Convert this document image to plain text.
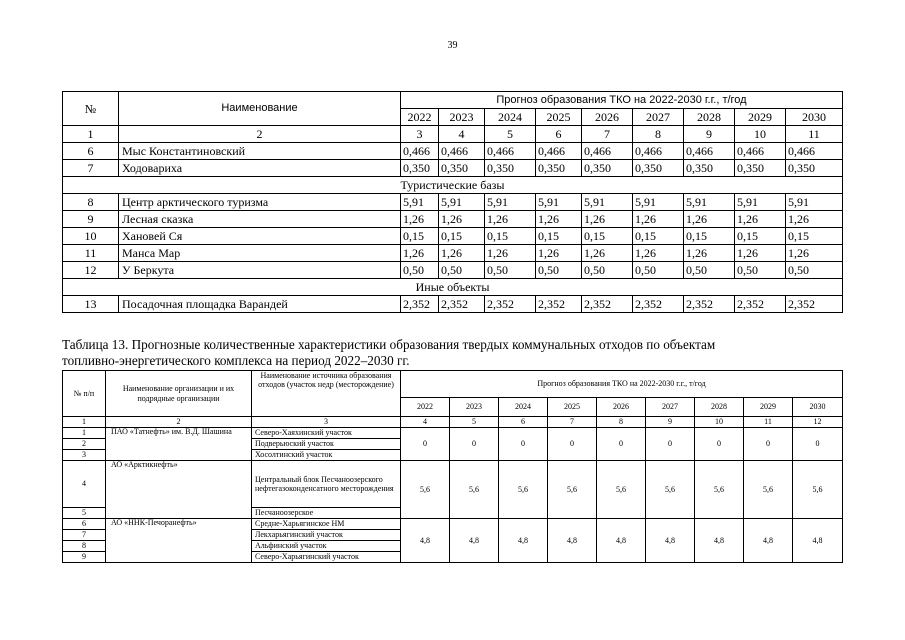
39
№	Наименование	Прогноз образования ТКО на 2022-2030 г.г., т/год								
		2022	2023	2024	2025	2026	2027	2028	2029	2030
1	2	3	4	5	6	7	8	9	10	11
6	Мыс Константиновский	0,466	0,466	0,466	0,466	0,466	0,466	0,466	0,466	0,466
7	Ходовариха	0,350	0,350	0,350	0,350	0,350	0,350	0,350	0,350	0,350
Туристические базы										
8	Центр арктического туризма	5,91	5,91	5,91	5,91	5,91	5,91	5,91	5,91	5,91
9	Лесная сказка	1,26	1,26	1,26	1,26	1,26	1,26	1,26	1,26	1,26
10	Хановей Ся	0,15	0,15	0,15	0,15	0,15	0,15	0,15	0,15	0,15
11	Манса Мар	1,26	1,26	1,26	1,26	1,26	1,26	1,26	1,26	1,26
12	У Беркута	0,50	0,50	0,50	0,50	0,50	0,50	0,50	0,50	0,50
Иные объекты										
13	Посадочная площадка Варандей	2,352	2,352	2,352	2,352	2,352	2,352	2,352	2,352	2,352
Таблица 13. Прогнозные количественные характеристики образования твердых коммунальных отходов по объектам
топливно-энергетического комплекса на период 2022–2030 гг.
№ п/п	Наименование организации и их подрядные организации	Наименование источника образования отходов (участок недр (месторождение)	Прогноз образования ТКО на 2022-2030 г.г., т/год								
			2022	2023	2024	2025	2026	2027	2028	2029	2030
1	2	3	4	5	6	7	8	9	10	11	12
1	ПАО «Татнефть» им. В.Д. Шашина	Северо-Хаяхинский участок	0	0	0	0	0	0	0	0	0
2		Подверьюский участок									
3		Хосолтинский участок									
4	АО «Арктикнефть»	Центральный блок Песчаноозерского нефтегазоконденсатного месторождения	5,6	5,6	5,6	5,6	5,6	5,6	5,6	5,6	5,6
5		Песчаноозерское									
6	АО «ННК-Печоранефть»	Средне-Харьягинское НМ	4,8	4,8	4,8	4,8	4,8	4,8	4,8	4,8	4,8
7		Лекхарьягинский участок									
8		Альфинский участок									
9		Северо-Харьягинский участок									
